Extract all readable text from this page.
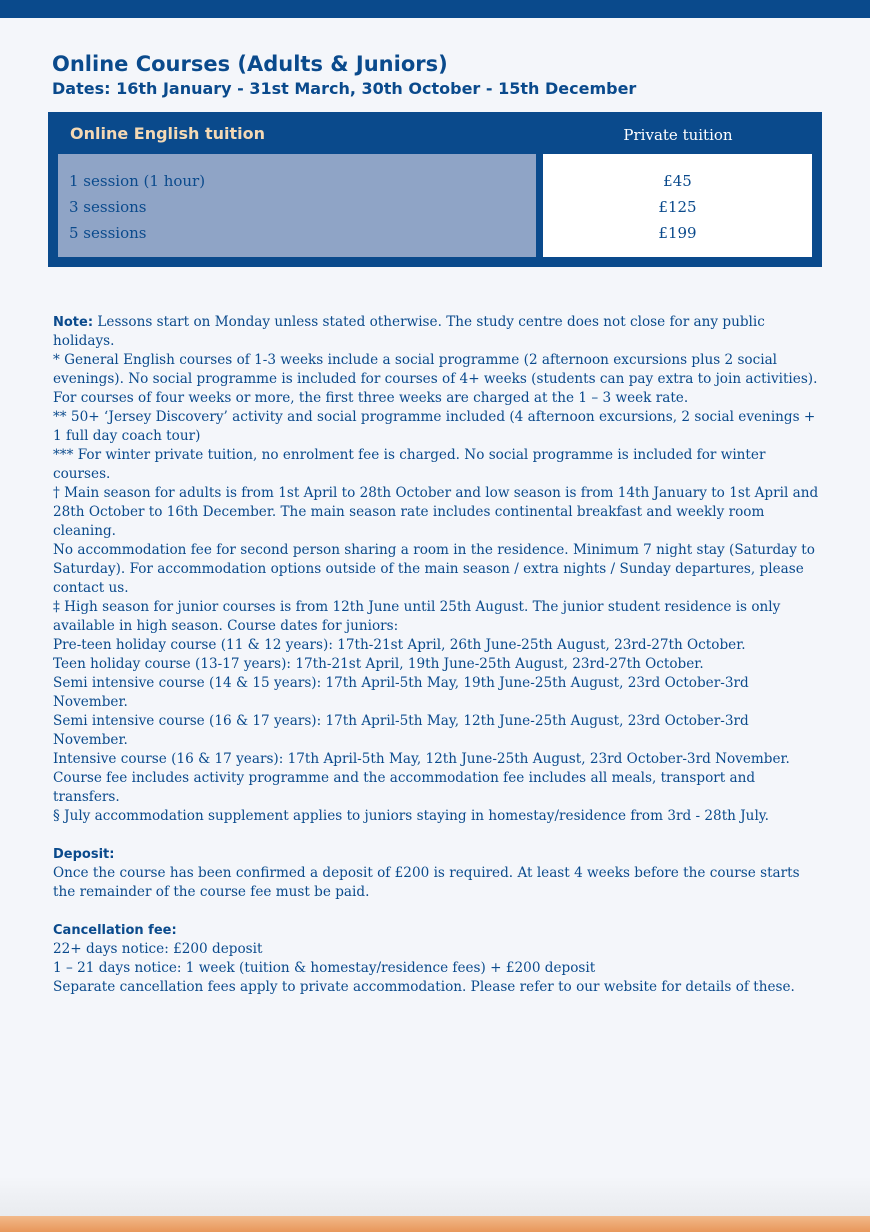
Online Courses (Adults & Juniors)
Dates: 16th January - 31st March, 30th October - 15th December
Online English tuition	Private tuition
1 session (1 hour)
3 sessions
5 sessions
£45
£125
£199

Note: Lessons start on Monday unless stated otherwise. The study centre does not close for any public holidays.

* General English courses of 1-3 weeks include a social programme (2 afternoon excursions plus 2 social evenings). No social programme is included for courses of 4+ weeks (students can pay extra to join activities).

For courses of four weeks or more, the first three weeks are charged at the 1 – 3 week rate.

** 50+ ‘Jersey Discovery’ activity and social programme included (4 afternoon excursions, 2 social evenings + 1 full day coach tour)

*** For winter private tuition, no enrolment fee is charged. No social programme is included for winter courses.

† Main season for adults is from 1st April to 28th October and low season is from 14th January to 1st April and 28th October to 16th December. The main season rate includes continental breakfast and weekly room cleaning.

No accommodation fee for second person sharing a room in the residence. Minimum 7 night stay (Saturday to Saturday). For accommodation options outside of the main season / extra nights / Sunday departures, please contact us.

‡ High season for junior courses is from 12th June until 25th August. The junior student residence is only available in high season. Course dates for juniors:

Pre-teen holiday course (11 & 12 years): 17th-21st April, 26th June-25th August, 23rd-27th October.

Teen holiday course (13-17 years): 17th-21st April, 19th June-25th August, 23rd-27th October.

Semi intensive course (14 & 15 years): 17th April-5th May, 19th June-25th August, 23rd October-3rd November.

Semi intensive course (16 & 17 years): 17th April-5th May, 12th June-25th August, 23rd October-3rd November.

Intensive course (16 & 17 years): 17th April-5th May, 12th June-25th August, 23rd October-3rd November.

Course fee includes activity programme and the accommodation fee includes all meals, transport and transfers.

§ July accommodation supplement applies to juniors staying in homestay/residence from 3rd - 28th July.

Deposit:

Once the course has been confirmed a deposit of £200 is required. At least 4 weeks before the course starts the remainder of the course fee must be paid.

Cancellation fee:

22+ days notice: £200 deposit

1 – 21 days notice: 1 week (tuition & homestay/residence fees) + £200 deposit

Separate cancellation fees apply to private accommodation. Please refer to our website for details of these.
